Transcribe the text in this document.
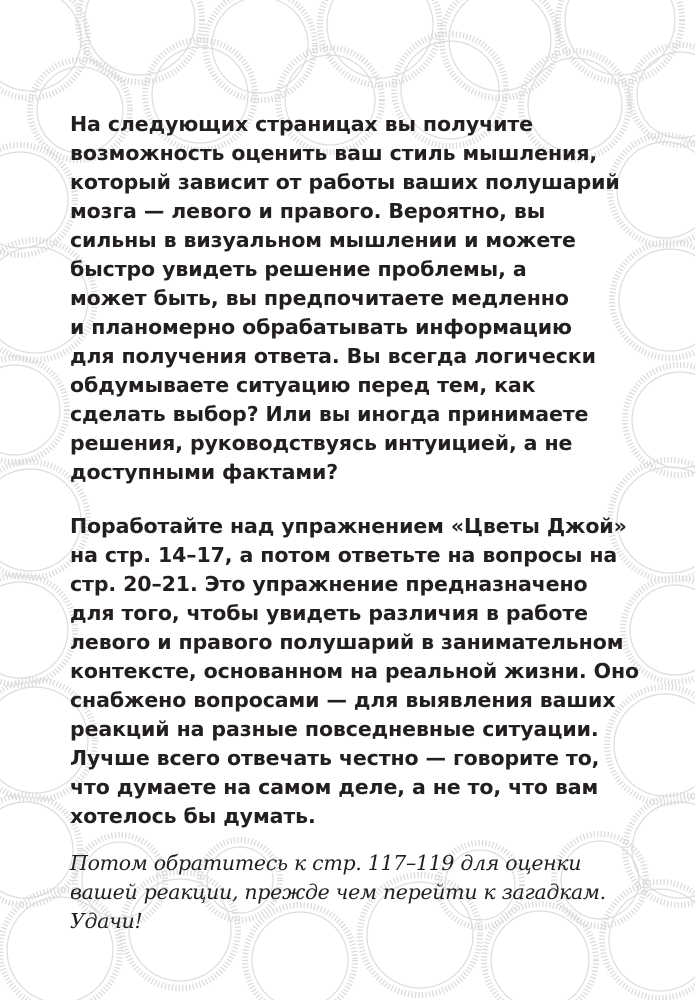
На следующих страницах вы получите
возможность оценить ваш стиль мышления,
который зависит от работы ваших полушарий
мозга — левого и правого. Вероятно, вы
сильны в визуальном мышлении и можете
быстро увидеть решение проблемы, а
может быть, вы предпочитаете медленно
и планомерно обрабатывать информацию
для получения ответа. Вы всегда логически
обдумываете ситуацию перед тем, как
сделать выбор? Или вы иногда принимаете
решения, руководствуясь интуицией, а не
доступными фактами?

Поработайте над упражнением «Цветы Джой»
на стр. 14–17, а потом ответьте на вопросы на
стр. 20–21. Это упражнение предназначено
для того, чтобы увидеть различия в работе
левого и правого полушарий в занимательном
контексте, основанном на реальной жизни. Оно
снабжено вопросами — для выявления ваших
реакций на разные повседневные ситуации.
Лучше всего отвечать честно — говорите то,
что думаете на самом деле, а не то, что вам
хотелось бы думать.

Потом обратитесь к стр. 117–119 для оценки
вашей реакции, прежде чем перейти к загадкам.
Удачи!
